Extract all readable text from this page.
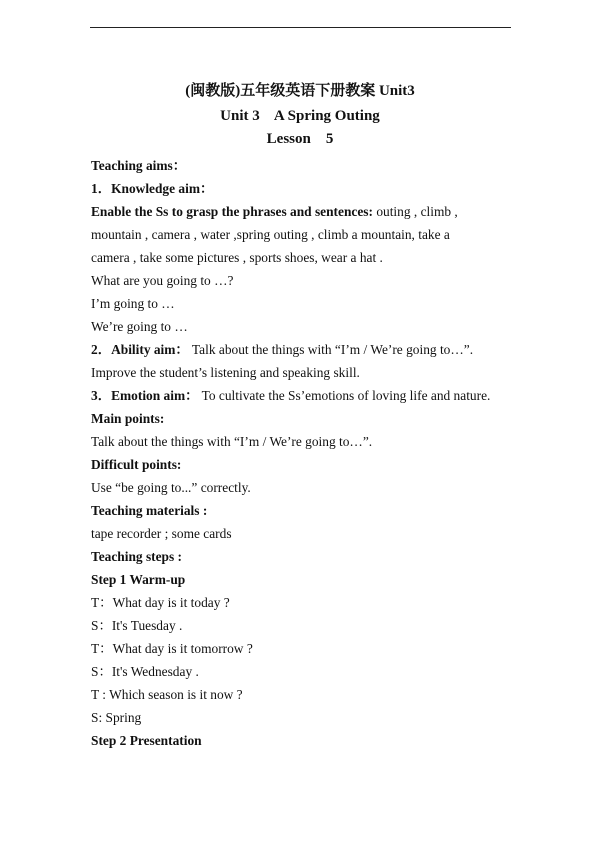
(闽教版)五年级英语下册教案 Unit3
Unit 3    A Spring Outing
Lesson    5
Teaching aims：
1．Knowledge aim：
Enable the Ss to grasp the phrases and sentences: outing , climb ,
mountain , camera , water ,spring outing , climb a mountain, take a
camera , take some pictures , sports shoes, wear a hat .
What are you going to …?
I’m going to …
We’re going to …
2．Ability aim： Talk about the things with “I’m / We’re going to…”.
Improve the student’s listening and speaking skill.
3．Emotion aim： To cultivate the Ss’emotions of loving life and nature.
Main points:
Talk about the things with “I’m / We’re going to…”.
Difficult points:
Use “be going to...” correctly.
Teaching materials :
tape recorder ; some cards
Teaching steps :
Step 1 Warm-up
T：What day is it today ?
S：It's Tuesday .
T：What day is it tomorrow ?
S：It's Wednesday .
T : Which season is it now ?
S: Spring
Step 2 Presentation
